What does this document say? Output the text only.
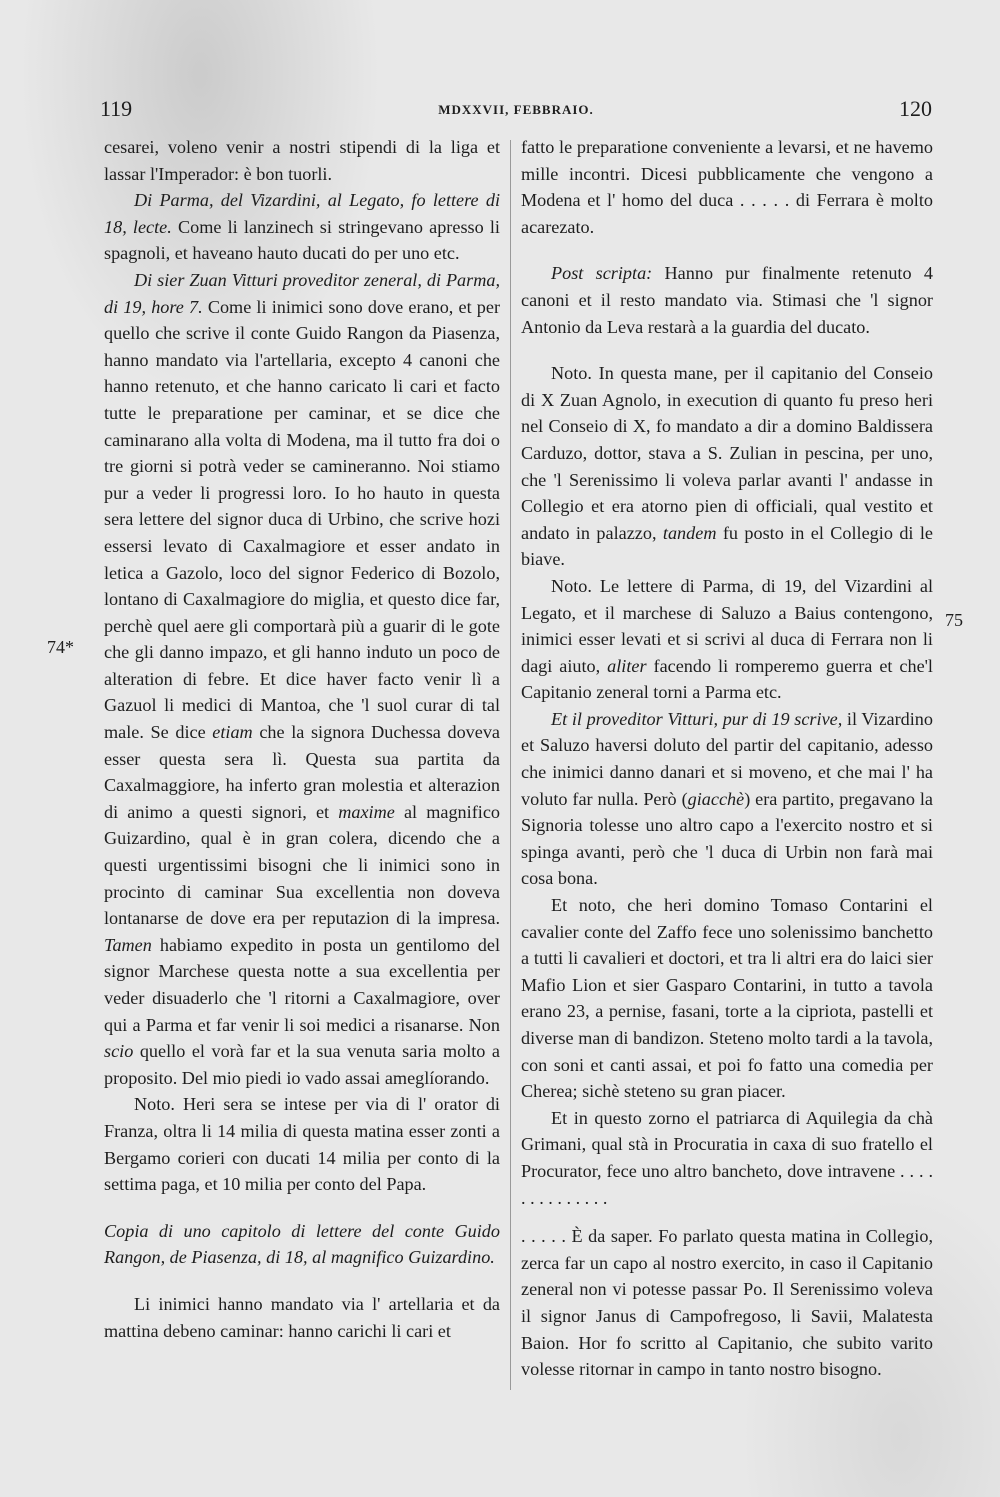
119	MDXXVII, FEBBRAIO.	120
74*
75

cesarei, voleno venir a nostri stipendi di la liga et lassar l'Imperador: è bon tuorli.

Di Parma, del Vizardini, al Legato, fo lettere di 18, lecte. Come li lanzinech si stringevano apresso li spagnoli, et haveano hauto ducati do per uno etc.

Di sier Zuan Vitturi proveditor zeneral, di Parma, di 19, hore 7. Come li inimici sono dove erano, et per quello che scrive il conte Guido Rangon da Piasenza, hanno mandato via l'artellaria, excepto 4 canoni che hanno retenuto, et che hanno caricato li cari et facto tutte le preparatione per caminar, et se dice che caminarano alla volta di Modena, ma il tutto fra doi o tre giorni si potrà veder se camineranno. Noi stiamo pur a veder li progressi loro. Io ho hauto in questa sera lettere del signor duca di Urbino, che scrive hozi essersi levato di Caxalmagiore et esser andato in letica a Gazolo, loco del signor Federico di Bozolo, lontano di Caxalmagiore do miglia, et questo dice far, perchè quel aere gli comportarà più a guarir di le gote che gli danno impazo, et gli hanno induto un poco de alteration di febre. Et dice haver facto venir lì a Gazuol li medici di Mantoa, che 'l suol curar di tal male. Se dice etiam che la signora Duchessa doveva esser questa sera lì. Questa sua partita da Caxalmaggiore, ha inferto gran molestia et alterazion di animo a questi signori, et maxime al magnifico Guizardino, qual è in gran colera, dicendo che a questi urgentissimi bisogni che li inimici sono in procinto di caminar Sua excellentia non doveva lontanarse de dove era per reputazion di la impresa. Tamen habiamo expedito in posta un gentilomo del signor Marchese questa notte a sua excellentia per veder disuaderlo che 'l ritorni a Caxalmagiore, over qui a Parma et far venir li soi medici a risanarse. Non scio quello el vorà far et la sua venuta saria molto a proposito. Del mio piedi io vado assai ameglíorando.

Noto. Heri sera se intese per via di l' orator di Franza, oltra li 14 milia di questa matina esser zonti a Bergamo corieri con ducati 14 milia per conto di la settima paga, et 10 milia per conto del Papa.

Copia di uno capitolo di lettere del conte Guido Rangon, de Piasenza, di 18, al magnifico Guizardino.

Li inimici hanno mandato via l' artellaria et da mattina debeno caminar: hanno carichi li cari et

fatto le preparatione conveniente a levarsi, et ne havemo mille incontri. Dicesi pubblicamente che vengono a Modena et l' homo del duca . . . . . di Ferrara è molto acarezato.

Post scripta: Hanno pur finalmente retenuto 4 canoni et il resto mandato via. Stimasi che 'l signor Antonio da Leva restarà a la guardia del ducato.

Noto. In questa mane, per il capitanio del Conseio di X Zuan Agnolo, in execution di quanto fu preso heri nel Conseio di X, fo mandato a dir a domino Baldissera Carduzo, dottor, stava a S. Zulian in pescina, per uno, che 'l Serenissimo li voleva parlar avanti l' andasse in Collegio et era atorno pien di officiali, qual vestito et andato in palazzo, tandem fu posto in el Collegio di le biave.

Noto. Le lettere di Parma, di 19, del Vizardini al Legato, et il marchese di Saluzo a Baius contengono, inimici esser levati et si scrivi al duca di Ferrara non li dagi aiuto, aliter facendo li romperemo guerra et che'l Capitanio zeneral torni a Parma etc.

Et il proveditor Vitturi, pur di 19 scrive, il Vizardino et Saluzo haversi doluto del partir del capitanio, adesso che inimici danno danari et si moveno, et che mai l' ha voluto far nulla. Però (giacchè) era partito, pregavano la Signoria tolesse uno altro capo a l'exercito nostro et si spinga avanti, però che 'l duca di Urbin non farà mai cosa bona.

Et noto, che heri domino Tomaso Contarini el cavalier conte del Zaffo fece uno solenissimo banchetto a tutti li cavalieri et doctori, et tra li altri era do laici sier Mafio Lion et sier Gasparo Contarini, in tutto a tavola erano 23, a pernise, fasani, torte a la cipriota, pastelli et diverse man di bandizon. Steteno molto tardi a la tavola, con soni et canti assai, et poi fo fatto una comedia per Cherea; sichè steteno su gran piacer.

Et in questo zorno el patriarca di Aquilegia da chà Grimani, qual stà in Procuratia in caxa di suo fratello el Procurator, fece uno altro bancheto, dove intravene . . . . . . . . . . . . . .

. . . . . È da saper. Fo parlato questa matina in Collegio, zerca far un capo al nostro exercito, in caso il Capitanio zeneral non vi potesse passar Po. Il Serenissimo voleva il signor Janus di Campofregoso, li Savii, Malatesta Baion. Hor fo scritto al Capitanio, che subito varito volesse ritornar in campo in tanto nostro bisogno.
